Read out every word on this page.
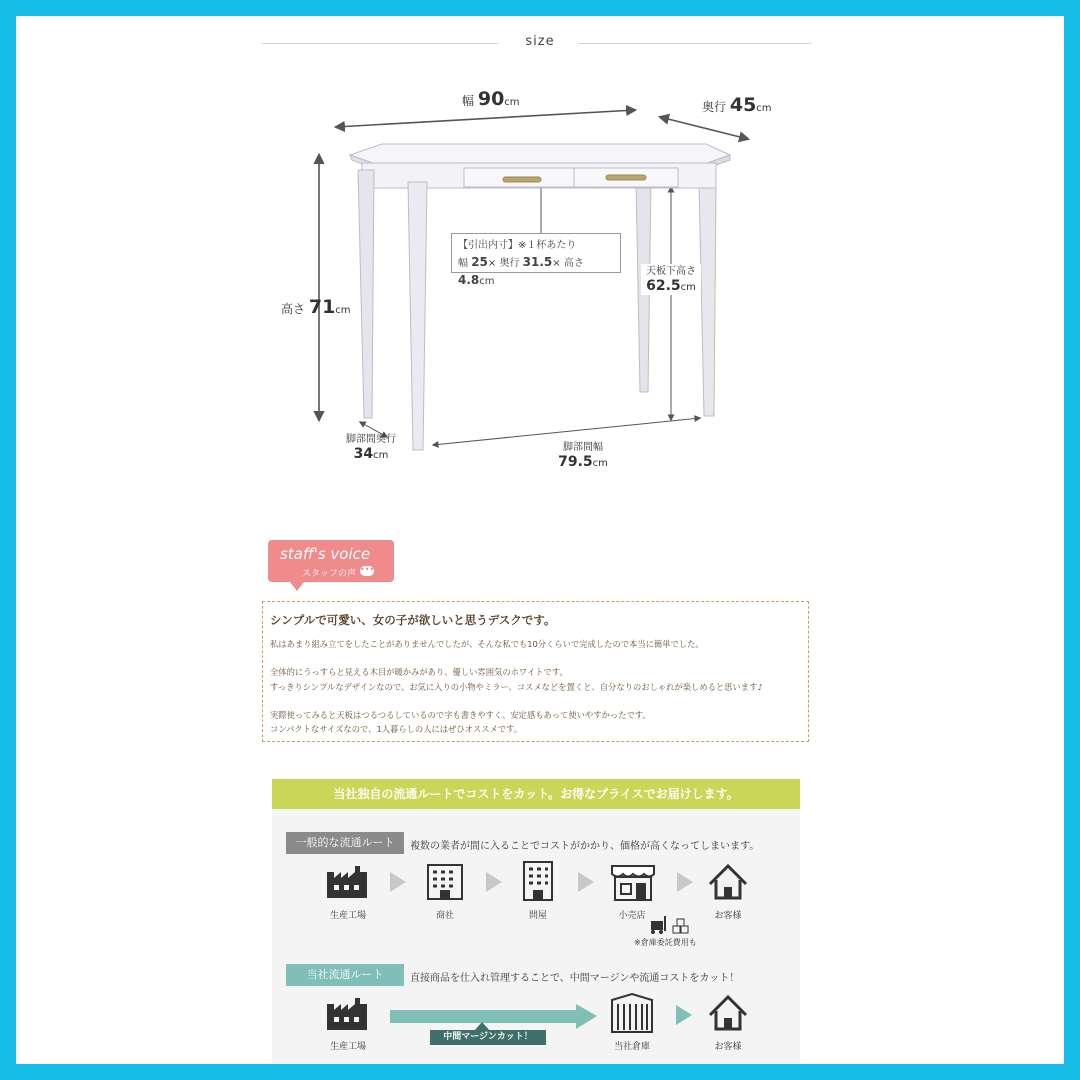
size
幅 90cm	奥行 45cm
高さ 71cm
天板下高さ
62.5cm
脚部間奥行
34cm
脚部間幅
79.5cm
【引出内寸】※１杯あたり
幅 25× 奥行 31.5× 高さ 4.8cm
staff's voice
スタッフの声 •••
シンプルで可愛い、女の子が欲しいと思うデスクです。
私はあまり組み立てをしたことがありませんでしたが、そんな私でも10分くらいで完成したので本当に簡単でした。
全体的にうっすらと見える木目が暖かみがあり、優しい雰囲気のホワイトです。
すっきりシンプルなデザインなので、お気に入りの小物やミラー、コスメなどを置くと、自分なりのおしゃれが楽しめると思います♪
実際使ってみると天板はつるつるしているので字も書きやすく、安定感もあって使いやすかったです。
コンパクトなサイズなので、1人暮らしの人にはぜひオススメです。
当社独自の流通ルートでコストをカット。お得なプライスでお届けします。
一般的な流通ルート	複数の業者が間に入ることでコストがかかり、価格が高くなってしまいます。
生産工場	商社	問屋	小売店	お客様
※倉庫委託費用も
当社流通ルート	直接商品を仕入れ管理することで、中間マージンや流通コストをカット！
中間マージンカット！
生産工場	当社倉庫	お客様
